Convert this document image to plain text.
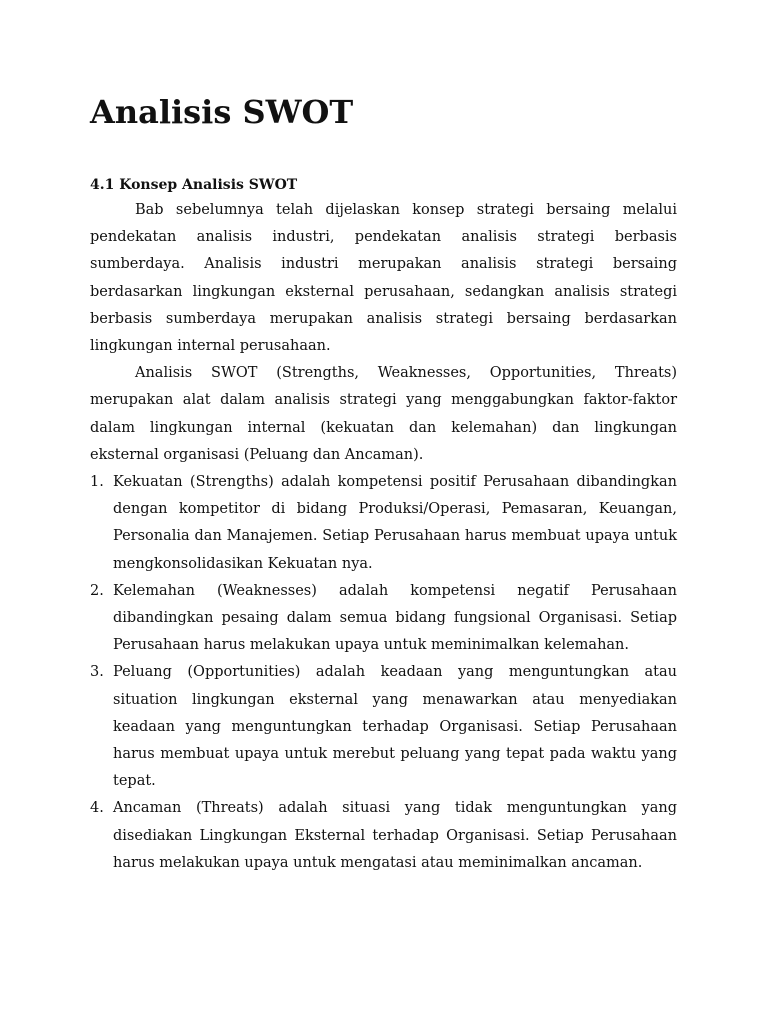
Analisis SWOT
4.1 Konsep Analisis SWOT

Bab sebelumnya telah dijelaskan konsep strategi bersaing melalui pendekatan analisis industri, pendekatan analisis strategi berbasis sumberdaya. Analisis industri merupakan analisis strategi bersaing berdasarkan lingkungan eksternal perusahaan, sedangkan analisis strategi berbasis sumberdaya merupakan analisis strategi bersaing berdasarkan lingkungan internal perusahaan.

Analisis SWOT (Strengths, Weaknesses, Opportunities, Threats) merupakan alat dalam analisis strategi yang menggabungkan faktor-faktor dalam lingkungan internal (kekuatan dan kelemahan) dan lingkungan eksternal organisasi (Peluang dan Ancaman).

1. Kekuatan (Strengths) adalah kompetensi positif Perusahaan dibandingkan dengan kompetitor di bidang Produksi/Operasi, Pemasaran, Keuangan, Personalia dan Manajemen. Setiap Perusahaan harus membuat upaya untuk mengkonsolidasikan Kekuatan nya.
2. Kelemahan (Weaknesses) adalah kompetensi negatif Perusahaan dibandingkan pesaing dalam semua bidang fungsional Organisasi. Setiap Perusahaan harus melakukan upaya untuk meminimalkan kelemahan.
3. Peluang (Opportunities) adalah keadaan yang menguntungkan atau situation lingkungan eksternal yang menawarkan atau menyediakan keadaan yang menguntungkan terhadap Organisasi. Setiap Perusahaan harus membuat upaya untuk merebut peluang yang tepat pada waktu yang tepat.
4. Ancaman (Threats) adalah situasi yang tidak menguntungkan yang disediakan Lingkungan Eksternal terhadap Organisasi. Setiap Perusahaan harus melakukan upaya untuk mengatasi atau meminimalkan ancaman.
